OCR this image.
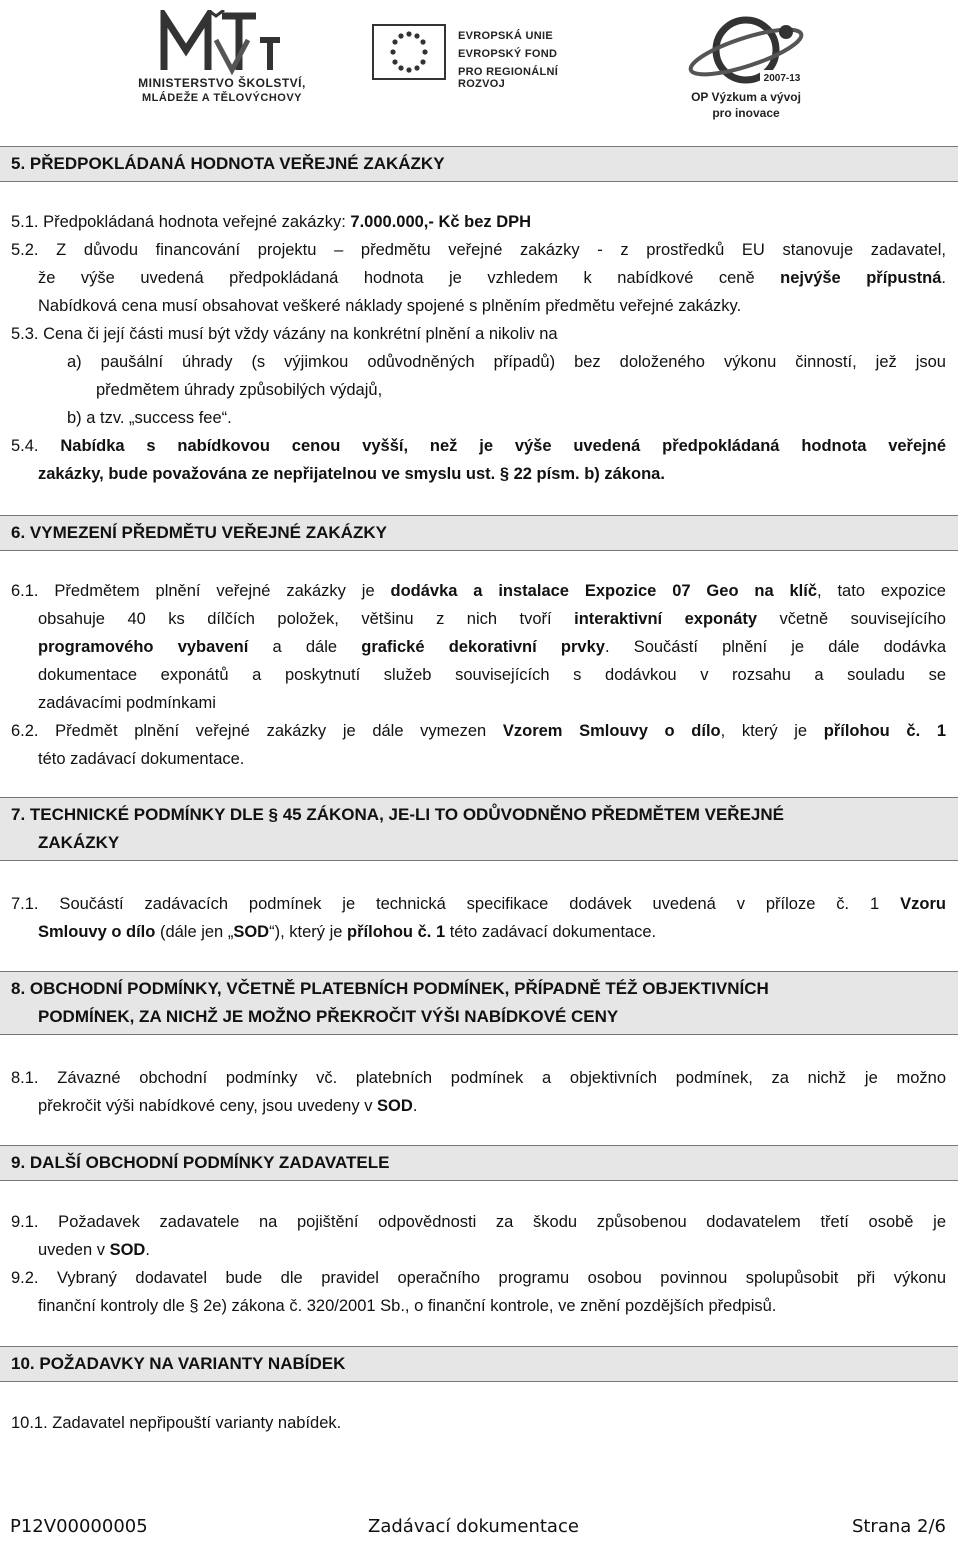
MINISTERSTVO ŠKOLSTVÍ,
MLÁDEŽE A TĚLOVÝCHOVY
EVROPSKÁ UNIE
EVROPSKÝ FOND
PRO REGIONÁLNÍ ROZVOJ	2007-13
OP Výzkum a vývoj
pro inovace
5. PŘEDPOKLÁDANÁ HODNOTA VEŘEJNÉ ZAKÁZKY
5.1. Předpokládaná hodnota veřejné zakázky: 7.000.000,- Kč bez DPH
5.2. Z důvodu financování projektu – předmětu veřejné zakázky - z prostředků EU stanovuje zadavatel,
že výše uvedená předpokládaná hodnota je vzhledem k nabídkové ceně nejvýše přípustná.
Nabídková cena musí obsahovat veškeré náklady spojené s plněním předmětu veřejné zakázky.
5.3. Cena či její části musí být vždy vázány na konkrétní plnění a nikoliv na
a) paušální úhrady (s výjimkou odůvodněných případů) bez doloženého výkonu činností, jež jsou
předmětem úhrady způsobilých výdajů,
b) a tzv. „success fee“.
5.4. Nabídka s nabídkovou cenou vyšší, než je výše uvedená předpokládaná hodnota veřejné
zakázky, bude považována ze nepřijatelnou ve smyslu ust. § 22 písm. b) zákona.
6. VYMEZENÍ PŘEDMĚTU VEŘEJNÉ ZAKÁZKY
6.1. Předmětem plnění veřejné zakázky je dodávka a instalace Expozice 07 Geo na klíč, tato expozice
obsahuje 40 ks dílčích položek, většinu z nich tvoří interaktivní exponáty včetně souvisejícího
programového vybavení a dále grafické dekorativní prvky. Součástí plnění je dále dodávka
dokumentace exponátů a poskytnutí služeb souvisejících s dodávkou v rozsahu a souladu se
zadávacími podmínkami
6.2. Předmět plnění veřejné zakázky je dále vymezen Vzorem Smlouvy o dílo, který je přílohou č. 1
této zadávací dokumentace.
7. TECHNICKÉ PODMÍNKY DLE § 45 ZÁKONA, JE-LI TO ODŮVODNĚNO PŘEDMĚTEM VEŘEJNÉ
ZAKÁZKY
7.1. Součástí zadávacích podmínek je technická specifikace dodávek uvedená v příloze č. 1 Vzoru
Smlouvy o dílo (dále jen „SOD“), který je přílohou č. 1 této zadávací dokumentace.
8. OBCHODNÍ PODMÍNKY, VČETNĚ PLATEBNÍCH PODMÍNEK, PŘÍPADNĚ TÉŽ OBJEKTIVNÍCH
PODMÍNEK, ZA NICHŽ JE MOŽNO PŘEKROČIT VÝŠI NABÍDKOVÉ CENY
8.1. Závazné obchodní podmínky vč. platebních podmínek a objektivních podmínek, za nichž je možno
překročit výši nabídkové ceny, jsou uvedeny v SOD.
9. DALŠÍ OBCHODNÍ PODMÍNKY ZADAVATELE
9.1. Požadavek zadavatele na pojištění odpovědnosti za škodu způsobenou dodavatelem třetí osobě je
uveden v SOD.
9.2. Vybraný dodavatel bude dle pravidel operačního programu osobou povinnou spolupůsobit při výkonu
finanční kontroly dle § 2e) zákona č. 320/2001 Sb., o finanční kontrole, ve znění pozdějších předpisů.
10. POŽADAVKY NA VARIANTY NABÍDEK
10.1. Zadavatel nepřipouští varianty nabídek.
P12V00000005	Zadávací dokumentace	Strana 2/6
